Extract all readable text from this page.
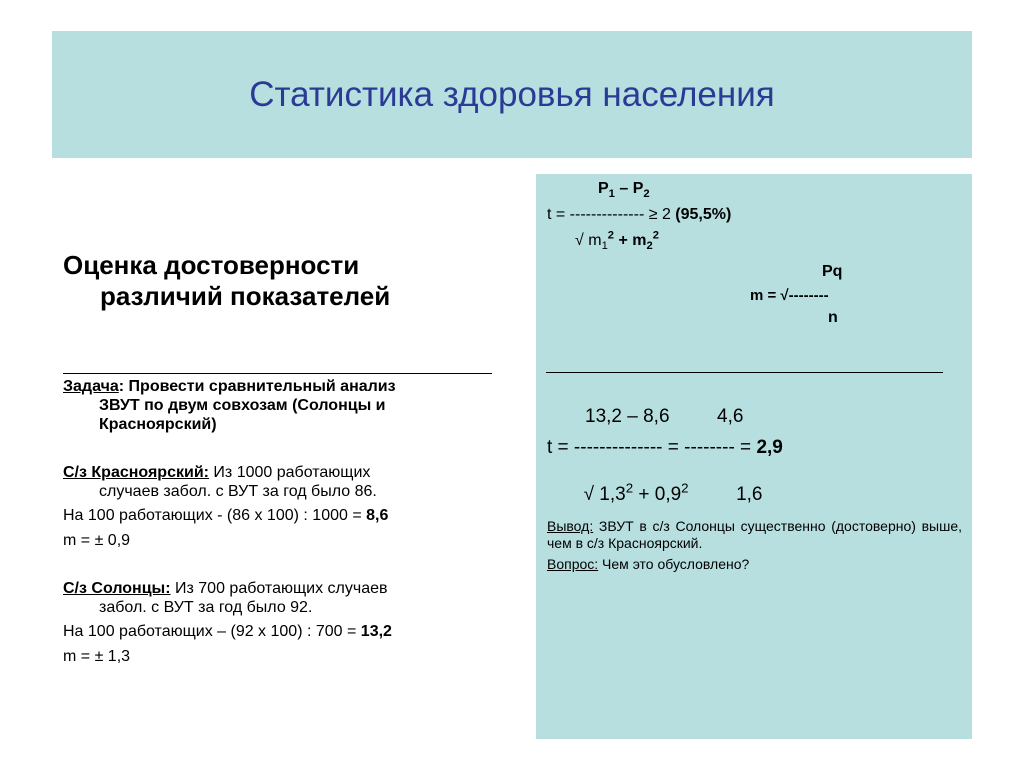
Статистика здоровья населения
Оценка достоверности
различий показателей
Задача: Провести сравнительный анализ
ЗВУТ по двум совхозам (Солонцы и
Красноярский)
С/з Красноярский: Из 1000 работающих
случаев забол. с ВУТ за год было 86.
На 100 работающих - (86 х 100) : 1000 = 8,6
m = ± 0,9
С/з Солонцы: Из 700 работающих случаев
забол. с ВУТ за год было 92.
На 100 работающих – (92 х 100) : 700 = 13,2
m = ± 1,3
$P_1 - P_2$
t = -------------- ≥ 2 (95,5%)
√ $m_1^2 + m_2^2$
Pq
m = √--------
n
13,2 – 8,6         4,6
t = -------------- = -------- = 2,9

√ $1,3^2 + 0,9^2$         1,6

Вывод: ЗВУТ в с/з Солонцы существенно (достоверно) выше, чем в с/з Красноярский.
Вопрос: Чем это обусловлено?
